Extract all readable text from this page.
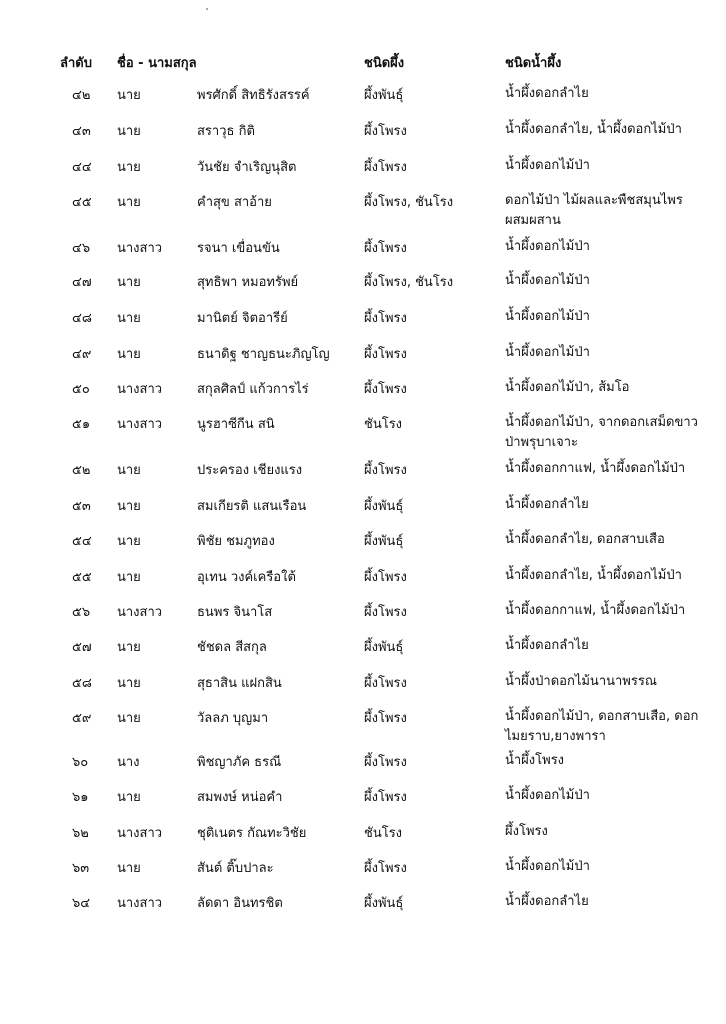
ลำดับ ชื่อ - นามสกุล	ชนิดผึ้ง	ชนิดน้ำผึ้ง
๔๒ นาย	พรศักดิ์ สิทธิรังสรรค์	ผึ้งพันธุ์	น้ำผึ้งดอกลำไย
๔๓ นาย	สราวุธ กิติ	ผึ้งโพรง	น้ำผึ้งดอกลำไย, น้ำผึ้งดอกไม้ป่า
๔๔ นาย	วันชัย จำเริญนุสิต	ผึ้งโพรง	น้ำผึ้งดอกไม้ป่า
๔๕ นาย	คำสุข สาอ้าย	ผึ้งโพรง, ชันโรง	ดอกไม้ป่า ไม้ผลและพืชสมุนไพร ผสมผสาน
๔๖ นางสาว	รจนา เขื่อนขัน	ผึ้งโพรง	น้ำผึ้งดอกไม้ป่า
๔๗ นาย	สุทธิพา หมอทรัพย์	ผึ้งโพรง, ชันโรง	น้ำผึ้งดอกไม้ป่า
๔๘ นาย	มานิตย์ จิตอารีย์	ผึ้งโพรง	น้ำผึ้งดอกไม้ป่า
๔๙ นาย	ธนาดิฐ ชาญธนะภิญโญ	ผึ้งโพรง	น้ำผึ้งดอกไม้ป่า
๕๐ นางสาว	สกุลศิลป์ แก้วการไร่	ผึ้งโพรง	น้ำผึ้งดอกไม้ป่า, ส้มโอ
๕๑ นางสาว	นูรฮาซีกีน สนิ	ชันโรง	น้ำผึ้งดอกไม้ป่า, จากดอกเสม็ดขาวป่าพรุบาเจาะ
๕๒ นาย	ประครอง เชียงแรง	ผึ้งโพรง	น้ำผึ้งดอกกาแฟ, น้ำผึ้งดอกไม้ป่า
๕๓ นาย	สมเกียรติ แสนเรือน	ผึ้งพันธุ์	น้ำผึ้งดอกลำไย
๕๔ นาย	พิชัย ชมภูทอง	ผึ้งพันธุ์	น้ำผึ้งดอกลำไย, ดอกสาบเสือ
๕๕ นาย	อุเทน วงค์เครือใต้	ผึ้งโพรง	น้ำผึ้งดอกลำไย, น้ำผึ้งดอกไม้ป่า
๕๖ นางสาว	ธนพร จินาโส	ผึ้งโพรง	น้ำผึ้งดอกกาแฟ, น้ำผึ้งดอกไม้ป่า
๕๗ นาย	ชัชดล สีสกุล	ผึ้งพันธุ์	น้ำผึ้งดอกลำไย
๕๘ นาย	สุธาสิน แฝกสิน	ผึ้งโพรง	น้ำผึ้งป่าดอกไม้นานาพรรณ
๕๙ นาย	วัลลภ บุญมา	ผึ้งโพรง	น้ำผึ้งดอกไม้ป่า, ดอกสาบเสือ, ดอกไมยราบ,ยางพารา
๖๐ นาง	พิชญาภัค ธรณี	ผึ้งโพรง	น้ำผึ้งโพรง
๖๑ นาย	สมพงษ์ หน่อคำ	ผึ้งโพรง	น้ำผึ้งดอกไม้ป่า
๖๒ นางสาว	ชุติเนตร กัณทะวิชัย	ชันโรง	ผึ้งโพรง
๖๓ นาย	สันต์ ติ๊บปาละ	ผึ้งโพรง	น้ำผึ้งดอกไม้ป่า
๖๔ นางสาว	ลัดดา อินทรชิต	ผึ้งพันธุ์	น้ำผึ้งดอกลำไย
